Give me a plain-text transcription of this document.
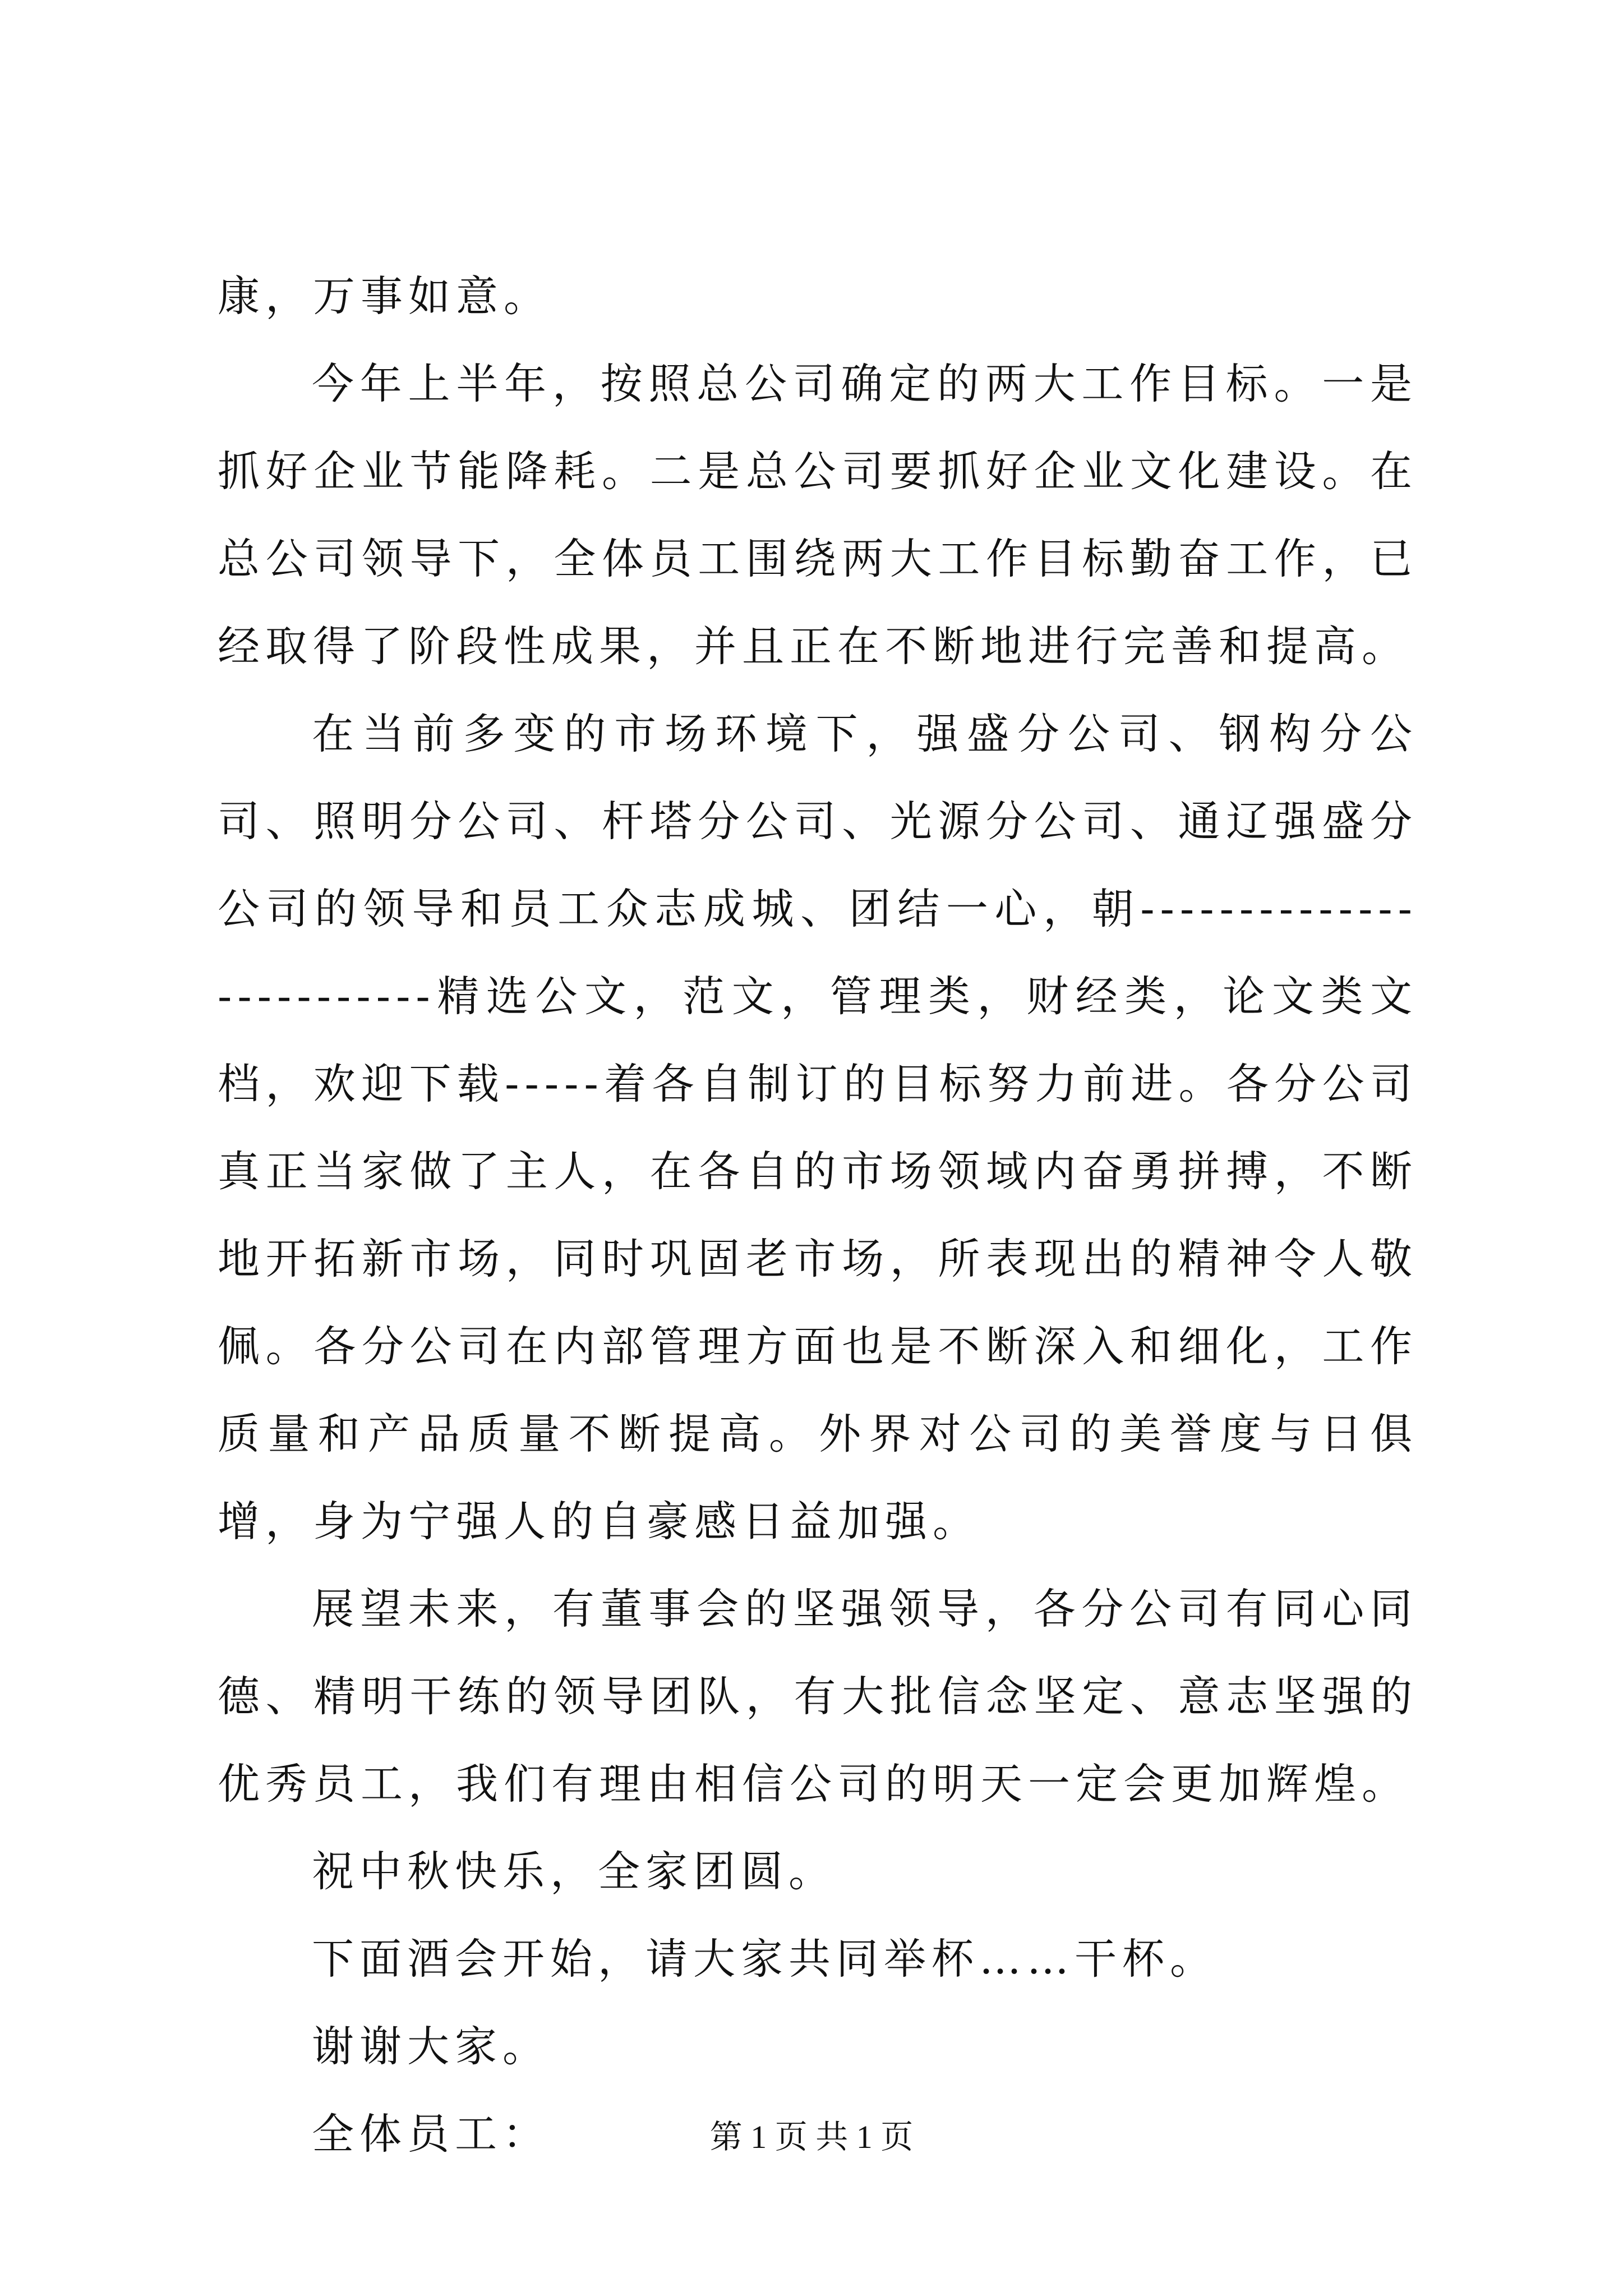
康，万事如意。

今年上半年，按照总公司确定的两大工作目标。一是抓好企业节能降耗。二是总公司要抓好企业文化建设。在总公司领导下，全体员工围绕两大工作目标勤奋工作，已经取得了阶段性成果，并且正在不断地进行完善和提高。

在当前多变的市场环境下，强盛分公司、钢构分公司、照明分公司、杆塔分公司、光源分公司、通辽强盛分公司的领导和员工众志成城、团结一心，朝-------------------------精选公文，范文，管理类，财经类，论文类文档，欢迎下载-----着各自制订的目标努力前进。各分公司真正当家做了主人，在各自的市场领域内奋勇拼搏，不断地开拓新市场，同时巩固老市场，所表现出的精神令人敬佩。各分公司在内部管理方面也是不断深入和细化，工作质量和产品质量不断提高。外界对公司的美誉度与日俱增，身为宁强人的自豪感日益加强。

展望未来，有董事会的坚强领导，各分公司有同心同德、精明干练的领导团队，有大批信念坚定、意志坚强的优秀员工，我们有理由相信公司的明天一定会更加辉煌。

祝中秋快乐，全家团圆。

下面酒会开始，请大家共同举杯……干杯。

谢谢大家。

全体员工：	第 1 页 共 1 页
